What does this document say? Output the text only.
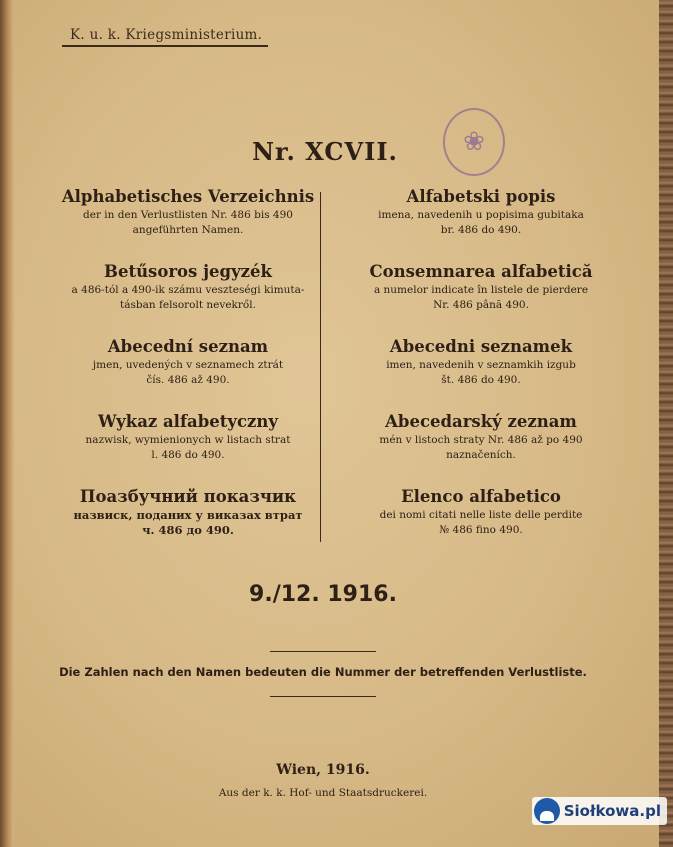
K. u. k. Kriegsministerium.
❀
Nr. XCVII.
Alphabetisches Verzeichnis
der in den Verlustlisten Nr. 486 bis 490
angeführten Namen.
Betűsoros jegyzék
a 486-tól a 490-ik számu veszteségi kimuta-
tásban felsorolt nevekről.
Abecední seznam
jmen, uvedených v seznamech ztrát
čís. 486 až 490.
Wykaz alfabetyczny
nazwisk, wymienionych w listach strat
l. 486 do 490.
Поазбучний показчик
назвиск, поданих у виказах втрат
ч. 486 до 490.
Alfabetski popis
imena, navedenih u popisima gubitaka
br. 486 do 490.
Consemnarea alfabetică
a numelor indicate în listele de pierdere
Nr. 486 până 490.
Abecedni seznamek
imen, navedenih v seznamkih izgub
št. 486 do 490.
Abecedarský zeznam
mén v listoch straty Nr. 486 až po 490
naznačeních.
Elenco alfabetico
dei nomi citati nelle liste delle perdite
№ 486 fino 490.
9./12. 1916.
Die Zahlen nach den Namen bedeuten die Nummer der betreffenden Verlustliste.
Wien, 1916.
Aus der k. k. Hof- und Staatsdruckerei.
Siołkowa.pl
